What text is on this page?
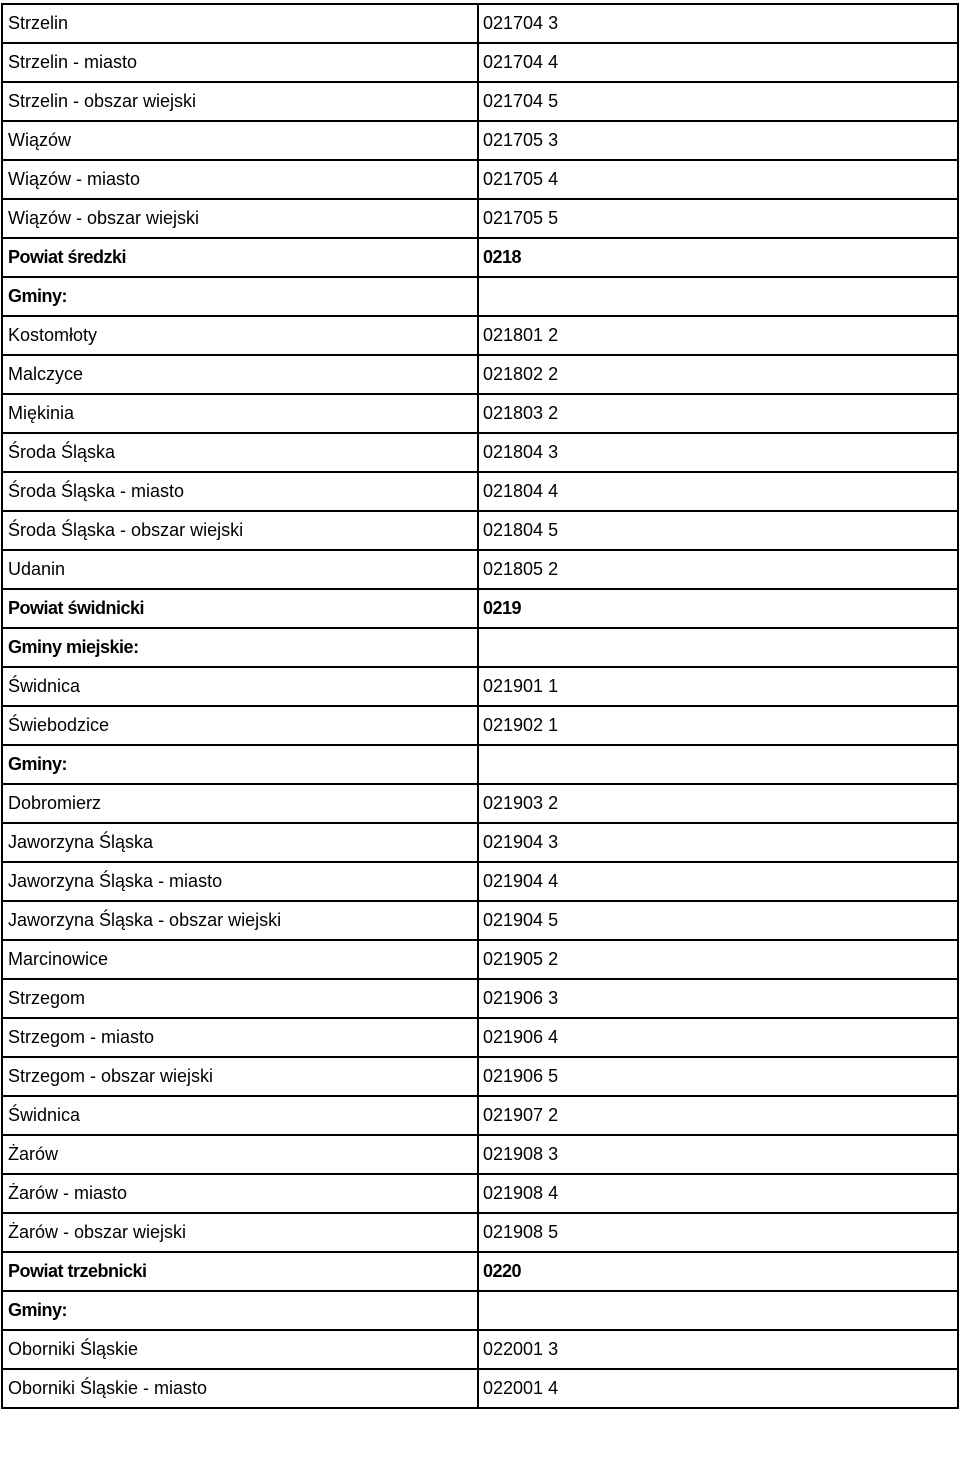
Strzelin	021704 3
Strzelin - miasto	021704 4
Strzelin - obszar wiejski	021704 5
Wiązów	021705 3
Wiązów - miasto	021705 4
Wiązów - obszar wiejski	021705 5
Powiat średzki	0218
Gminy:	
Kostomłoty	021801 2
Malczyce	021802 2
Miękinia	021803 2
Środa Śląska	021804 3
Środa Śląska - miasto	021804 4
Środa Śląska - obszar wiejski	021804 5
Udanin	021805 2
Powiat świdnicki	0219
Gminy miejskie:	
Świdnica	021901 1
Świebodzice	021902 1
Gminy:	
Dobromierz	021903 2
Jaworzyna Śląska	021904 3
Jaworzyna Śląska - miasto	021904 4
Jaworzyna Śląska - obszar wiejski	021904 5
Marcinowice	021905 2
Strzegom	021906 3
Strzegom - miasto	021906 4
Strzegom - obszar wiejski	021906 5
Świdnica	021907 2
Żarów	021908 3
Żarów - miasto	021908 4
Żarów - obszar wiejski	021908 5
Powiat trzebnicki	0220
Gminy:	
Oborniki Śląskie	022001 3
Oborniki Śląskie - miasto	022001 4
